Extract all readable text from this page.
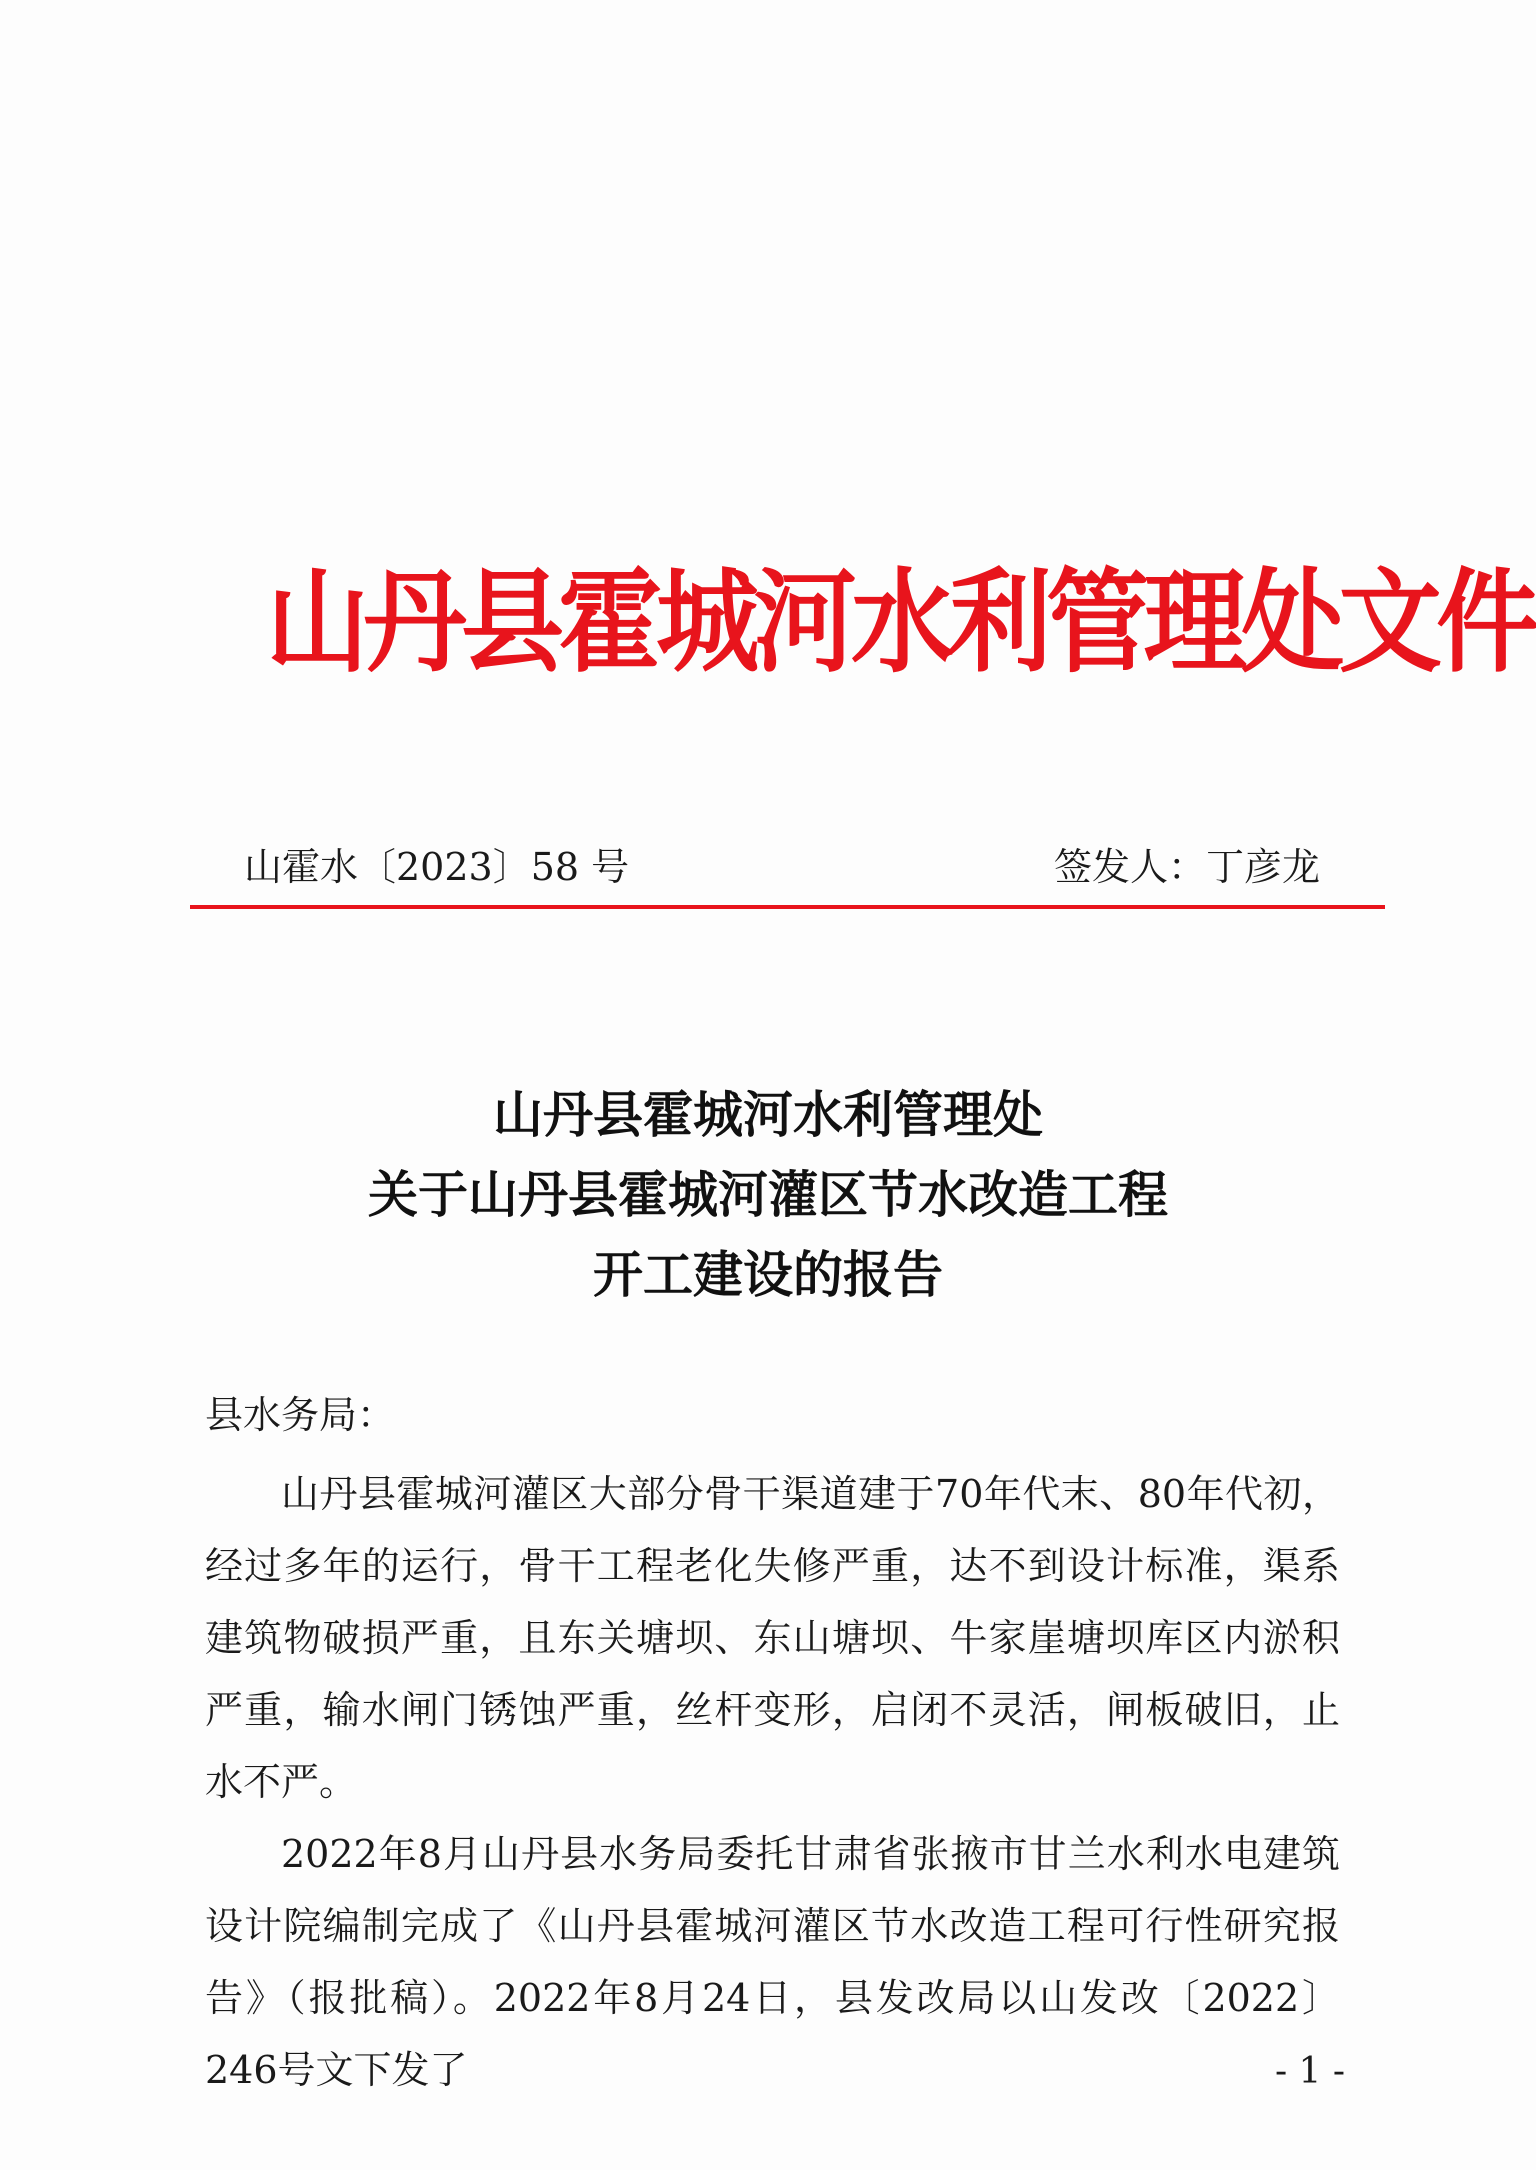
山丹县霍城河水利管理处文件
山霍水〔2023〕58 号	签发人：丁彦龙
山丹县霍城河水利管理处
关于山丹县霍城河灌区节水改造工程
开工建设的报告
县水务局：

山丹县霍城河灌区大部分骨干渠道建于70年代末、80年代初，经过多年的运行，骨干工程老化失修严重，达不到设计标准，渠系建筑物破损严重，且东关塘坝、东山塘坝、牛家崖塘坝库区内淤积严重，输水闸门锈蚀严重，丝杆变形，启闭不灵活，闸板破旧，止水不严。

2022年8月山丹县水务局委托甘肃省张掖市甘兰水利水电建筑设计院编制完成了《山丹县霍城河灌区节水改造工程可行性研究报告》（报批稿）。2022年8月24日，县发改局以山发改〔2022〕246号文下发了	- 1 -
